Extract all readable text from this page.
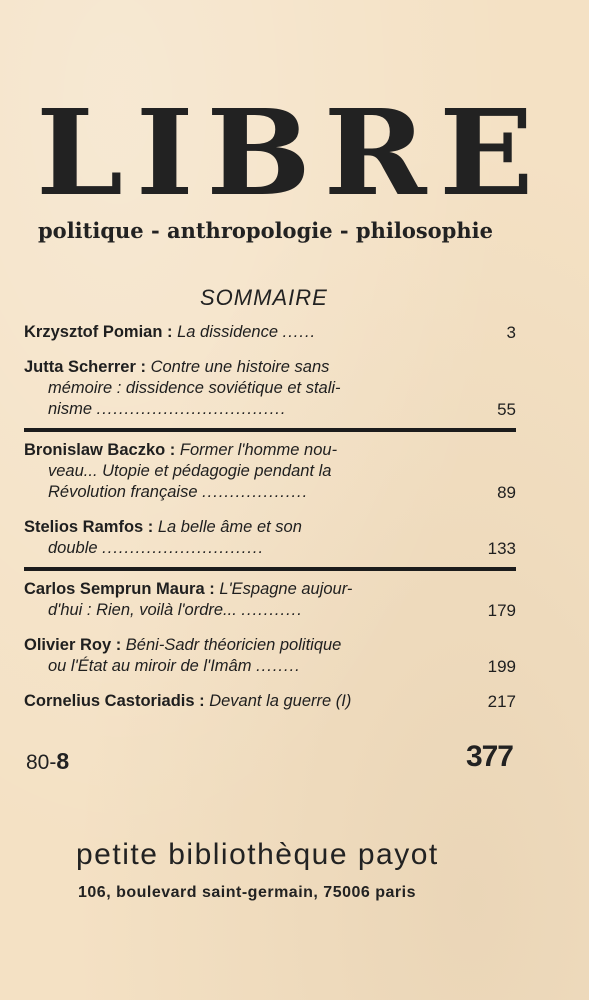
LIBRE
politique - anthropologie - philosophie
SOMMAIRE
Krzysztof Pomian : La dissidence ......	3
Jutta Scherrer : Contre une histoire sans
mémoire : dissidence soviétique et stali-
nisme ..................................	55
Bronislaw Baczko : Former l'homme nou-
veau... Utopie et pédagogie pendant la
Révolution française ...................	89
Stelios Ramfos : La belle âme et son
double .............................	133
Carlos Semprun Maura : L'Espagne aujour-
d'hui : Rien, voilà l'ordre... ...........	179
Olivier Roy : Béni-Sadr théoricien politique
ou l'État au miroir de l'Imâm ........	199
Cornelius Castoriadis : Devant la guerre (I)	217
80-8	377
petite bibliothèque payot
106, boulevard saint-germain, 75006 paris
